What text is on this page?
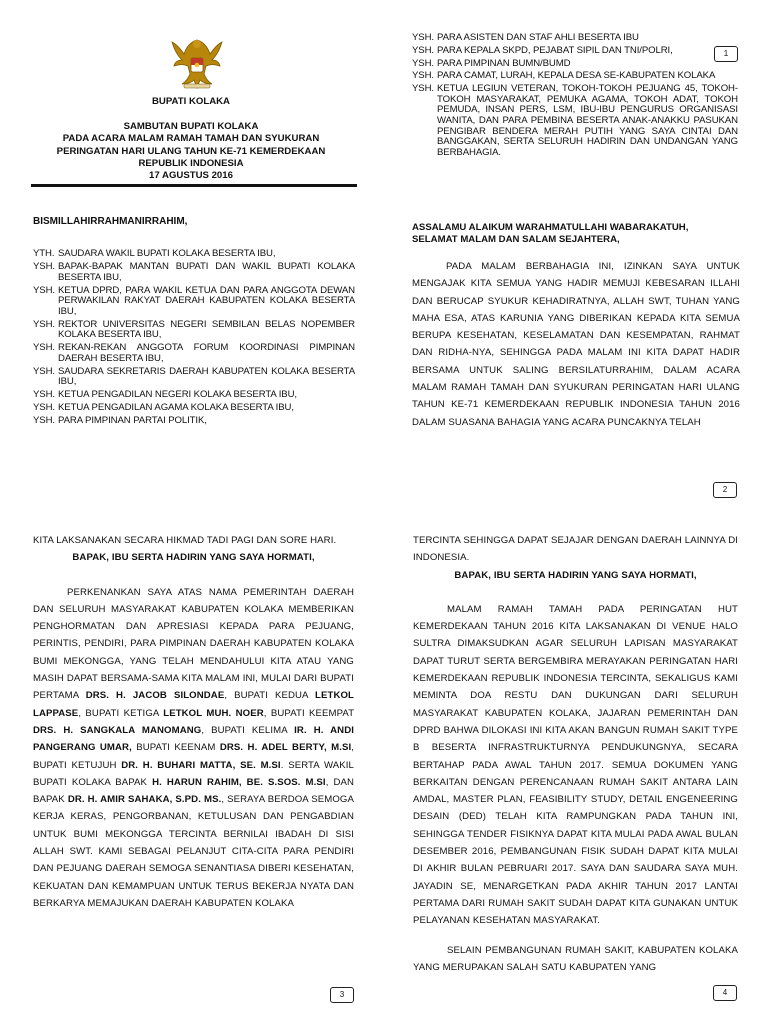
BUPATI KOLAKA
SAMBUTAN BUPATI KOLAKA
PADA ACARA MALAM RAMAH TAMAH DAN SYUKURAN
PERINGATAN HARI ULANG TAHUN KE-71 KEMERDEKAAN
REPUBLIK INDONESIA
17 AGUSTUS 2016
BISMILLAHIRRAHMANIRRAHIM,
YTH. SAUDARA WAKIL BUPATI KOLAKA BESERTA IBU,
YSH. BAPAK-BAPAK MANTAN BUPATI DAN WAKIL BUPATI KOLAKA BESERTA IBU,
YSH. KETUA DPRD, PARA WAKIL KETUA DAN PARA ANGGOTA DEWAN PERWAKILAN RAKYAT DAERAH KABUPATEN KOLAKA BESERTA IBU,
YSH. REKTOR UNIVERSITAS NEGERI SEMBILAN BELAS NOPEMBER KOLAKA BESERTA IBU,
YSH. REKAN-REKAN ANGGOTA FORUM KOORDINASI PIMPINAN DAERAH BESERTA IBU,
YSH. SAUDARA SEKRETARIS DAERAH KABUPATEN KOLAKA BESERTA IBU,
YSH. KETUA PENGADILAN NEGERI KOLAKA BESERTA IBU,
YSH. KETUA PENGADILAN AGAMA KOLAKA BESERTA IBU,
YSH. PARA PIMPINAN PARTAI POLITIK,
YSH. PARA ASISTEN DAN STAF AHLI BESERTA IBU
YSH. PARA KEPALA SKPD, PEJABAT SIPIL DAN TNI/POLRI,
YSH. PARA PIMPINAN BUMN/BUMD
YSH. PARA CAMAT, LURAH, KEPALA DESA SE-KABUPATEN KOLAKA
YSH. KETUA LEGIUN VETERAN, TOKOH-TOKOH PEJUANG 45, TOKOH-TOKOH MASYARAKAT, PEMUKA AGAMA, TOKOH ADAT, TOKOH PEMUDA, INSAN PERS, LSM, IBU-IBU PENGURUS ORGANISASI WANITA, DAN PARA PEMBINA BESERTA ANAK-ANAKKU PASUKAN PENGIBAR BENDERA MERAH PUTIH YANG SAYA CINTAI DAN BANGGAKAN, SERTA SELURUH HADIRIN DAN UNDANGAN YANG BERBAHAGIA.
1
ASSALAMU ALAIKUM WARAHMATULLAHI WABARAKATUH,
SELAMAT MALAM DAN SALAM SEJAHTERA,

PADA MALAM BERBAHAGIA INI, IZINKAN SAYA UNTUK MENGAJAK KITA SEMUA YANG HADIR MEMUJI KEBESARAN ILLAHI DAN BERUCAP SYUKUR KEHADIRATNYA, ALLAH SWT, TUHAN YANG MAHA ESA, ATAS KARUNIA YANG DIBERIKAN KEPADA KITA SEMUA BERUPA KESEHATAN, KESELAMATAN DAN KESEMPATAN, RAHMAT DAN RIDHA-NYA, SEHINGGA PADA MALAM INI KITA DAPAT HADIR BERSAMA UNTUK SALING BERSILATURRAHIM, DALAM ACARA MALAM RAMAH TAMAH DAN SYUKURAN PERINGATAN HARI ULANG TAHUN KE-71 KEMERDEKAAN REPUBLIK INDONESIA TAHUN 2016 DALAM SUASANA BAHAGIA YANG ACARA PUNCAKNYA TELAH

2

KITA LAKSANAKAN SECARA HIKMAD TADI PAGI DAN SORE HARI.

BAPAK, IBU SERTA HADIRIN YANG SAYA HORMATI,

PERKENANKAN SAYA ATAS NAMA PEMERINTAH DAERAH DAN SELURUH MASYARAKAT KABUPATEN KOLAKA MEMBERIKAN PENGHORMATAN DAN APRESIASI KEPADA PARA PEJUANG, PERINTIS, PENDIRI, PARA PIMPINAN DAERAH KABUPATEN KOLAKA BUMI MEKONGGA, YANG TELAH MENDAHULUI KITA ATAU YANG MASIH DAPAT BERSAMA-SAMA KITA MALAM INI, MULAI DARI BUPATI PERTAMA DRS. H. JACOB SILONDAE, BUPATI KEDUA LETKOL LAPPASE, BUPATI KETIGA LETKOL MUH. NOER, BUPATI KEEMPAT DRS. H. SANGKALA MANOMANG, BUPATI KELIMA IR. H. ANDI PANGERANG UMAR, BUPATI KEENAM DRS. H. ADEL BERTY, M.SI, BUPATI KETUJUH DR. H. BUHARI MATTA, SE. M.SI. SERTA WAKIL BUPATI KOLAKA BAPAK H. HARUN RAHIM, BE. S.SOS. M.SI, DAN BAPAK DR. H. AMIR SAHAKA, S.PD. MS., SERAYA BERDOA SEMOGA KERJA KERAS, PENGORBANAN, KETULUSAN DAN PENGABDIAN UNTUK BUMI MEKONGGA TERCINTA BERNILAI IBADAH DI SISI ALLAH SWT. KAMI SEBAGAI PELANJUT CITA-CITA PARA PENDIRI DAN PEJUANG DAERAH SEMOGA SENANTIASA DIBERI KESEHATAN, KEKUATAN DAN KEMAMPUAN UNTUK TERUS BEKERJA NYATA DAN BERKARYA MEMAJUKAN DAERAH KABUPATEN KOLAKA

3

TERCINTA SEHINGGA DAPAT SEJAJAR DENGAN DAERAH LAINNYA DI INDONESIA.

BAPAK, IBU SERTA HADIRIN YANG SAYA HORMATI,

MALAM RAMAH TAMAH PADA PERINGATAN HUT KEMERDEKAAN TAHUN 2016 KITA LAKSANAKAN DI VENUE HALO SULTRA DIMAKSUDKAN AGAR SELURUH LAPISAN MASYARAKAT DAPAT TURUT SERTA BERGEMBIRA MERAYAKAN PERINGATAN HARI KEMERDEKAAN REPUBLIK INDONESIA TERCINTA, SEKALIGUS KAMI MEMINTA DOA RESTU DAN DUKUNGAN DARI SELURUH MASYARAKAT KABUPATEN KOLAKA, JAJARAN PEMERINTAH DAN DPRD BAHWA DILOKASI INI KITA AKAN BANGUN RUMAH SAKIT TYPE B BESERTA INFRASTRUKTURNYA PENDUKUNGNYA, SECARA BERTAHAP PADA AWAL TAHUN 2017. SEMUA DOKUMEN YANG BERKAITAN DENGAN PERENCANAAN RUMAH SAKIT ANTARA LAIN AMDAL, MASTER PLAN, FEASIBILITY STUDY, DETAIL ENGENEERING DESAIN (DED) TELAH KITA RAMPUNGKAN PADA TAHUN INI, SEHINGGA TENDER FISIKNYA DAPAT KITA MULAI PADA AWAL BULAN DESEMBER 2016, PEMBANGUNAN FISIK SUDAH DAPAT KITA MULAI DI AKHIR BULAN PEBRUARI 2017. SAYA DAN SAUDARA SAYA MUH. JAYADIN SE, MENARGETKAN PADA AKHIR TAHUN 2017 LANTAI PERTAMA DARI RUMAH SAKIT SUDAH DAPAT KITA GUNAKAN UNTUK PELAYANAN KESEHATAN MASYARAKAT.

SELAIN PEMBANGUNAN RUMAH SAKIT, KABUPATEN KOLAKA YANG MERUPAKAN SALAH SATU KABUPATEN YANG

4
